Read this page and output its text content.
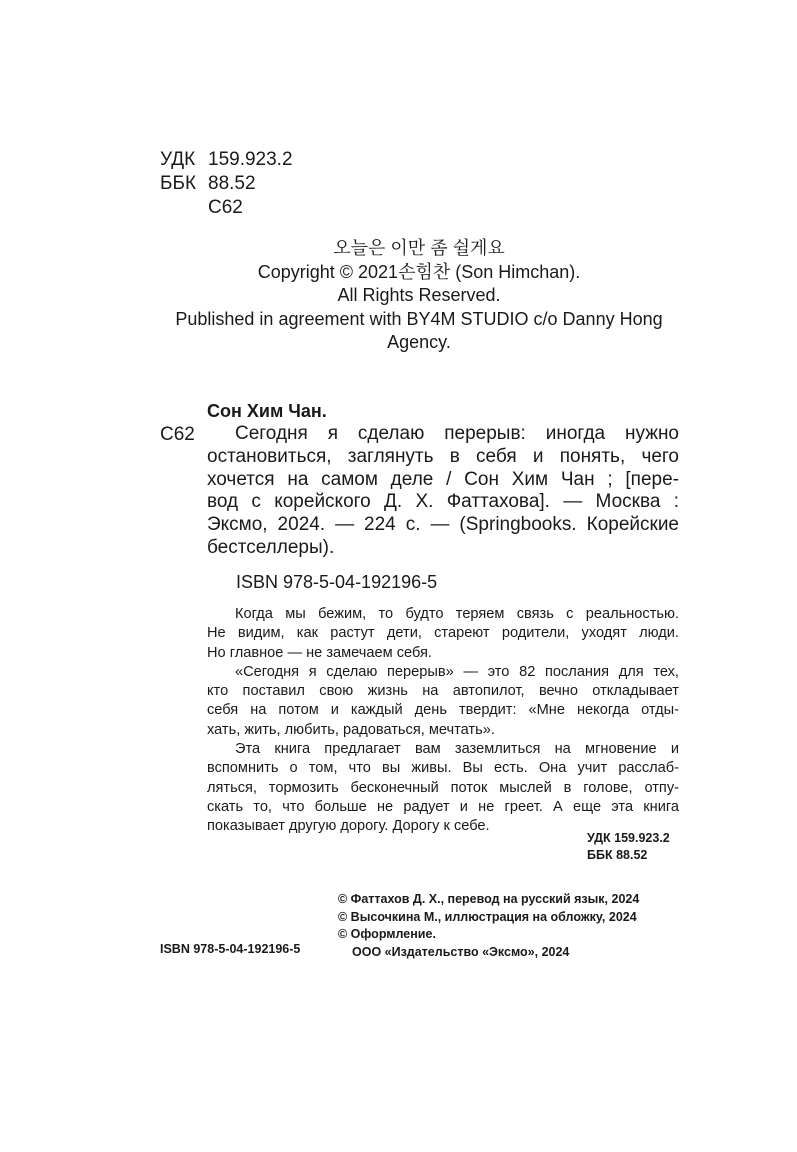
УДК 159.923.2
ББК 88.52
С62
오늘은 이만 좀 쉴게요
Copyright © 2021손힘찬 (Son Himchan).
All Rights Reserved.
Published in agreement with BY4M STUDIO c/o Danny Hong
Agency.
Сон Хим Чан.
С62	Сегодня я сделаю перерыв: иногда нужно
остановиться, заглянуть в себя и понять, чего
хочется на самом деле / Сон Хим Чан ; [пере-
вод с корейского Д. Х. Фаттахова]. — Москва :
Эксмо, 2024. — 224 с. — (Springbooks. Корейские
бестселлеры).
ISBN 978-5-04-192196-5
Когда мы бежим, то будто теряем связь с реальностью.
Не видим, как растут дети, стареют родители, уходят люди.
Но главное — не замечаем себя.
«Сегодня я сделаю перерыв» — это 82 послания для тех,
кто поставил свою жизнь на автопилот, вечно откладывает
себя на потом и каждый день твердит: «Мне некогда отды-
хать, жить, любить, радоваться, мечтать».
Эта книга предлагает вам заземлиться на мгновение и
вспомнить о том, что вы живы. Вы есть. Она учит расслаб-
ляться, тормозить бесконечный поток мыслей в голове, отпу-
скать то, что больше не радует и не греет. А еще эта книга
показывает другую дорогу. Дорогу к себе.
УДК 159.923.2
ББК 88.52
© Фаттахов Д. Х., перевод на русский язык, 2024
© Высочкина М., иллюстрация на обложку, 2024
© Оформление.
ООО «Издательство «Эксмо», 2024
ISBN 978-5-04-192196-5
